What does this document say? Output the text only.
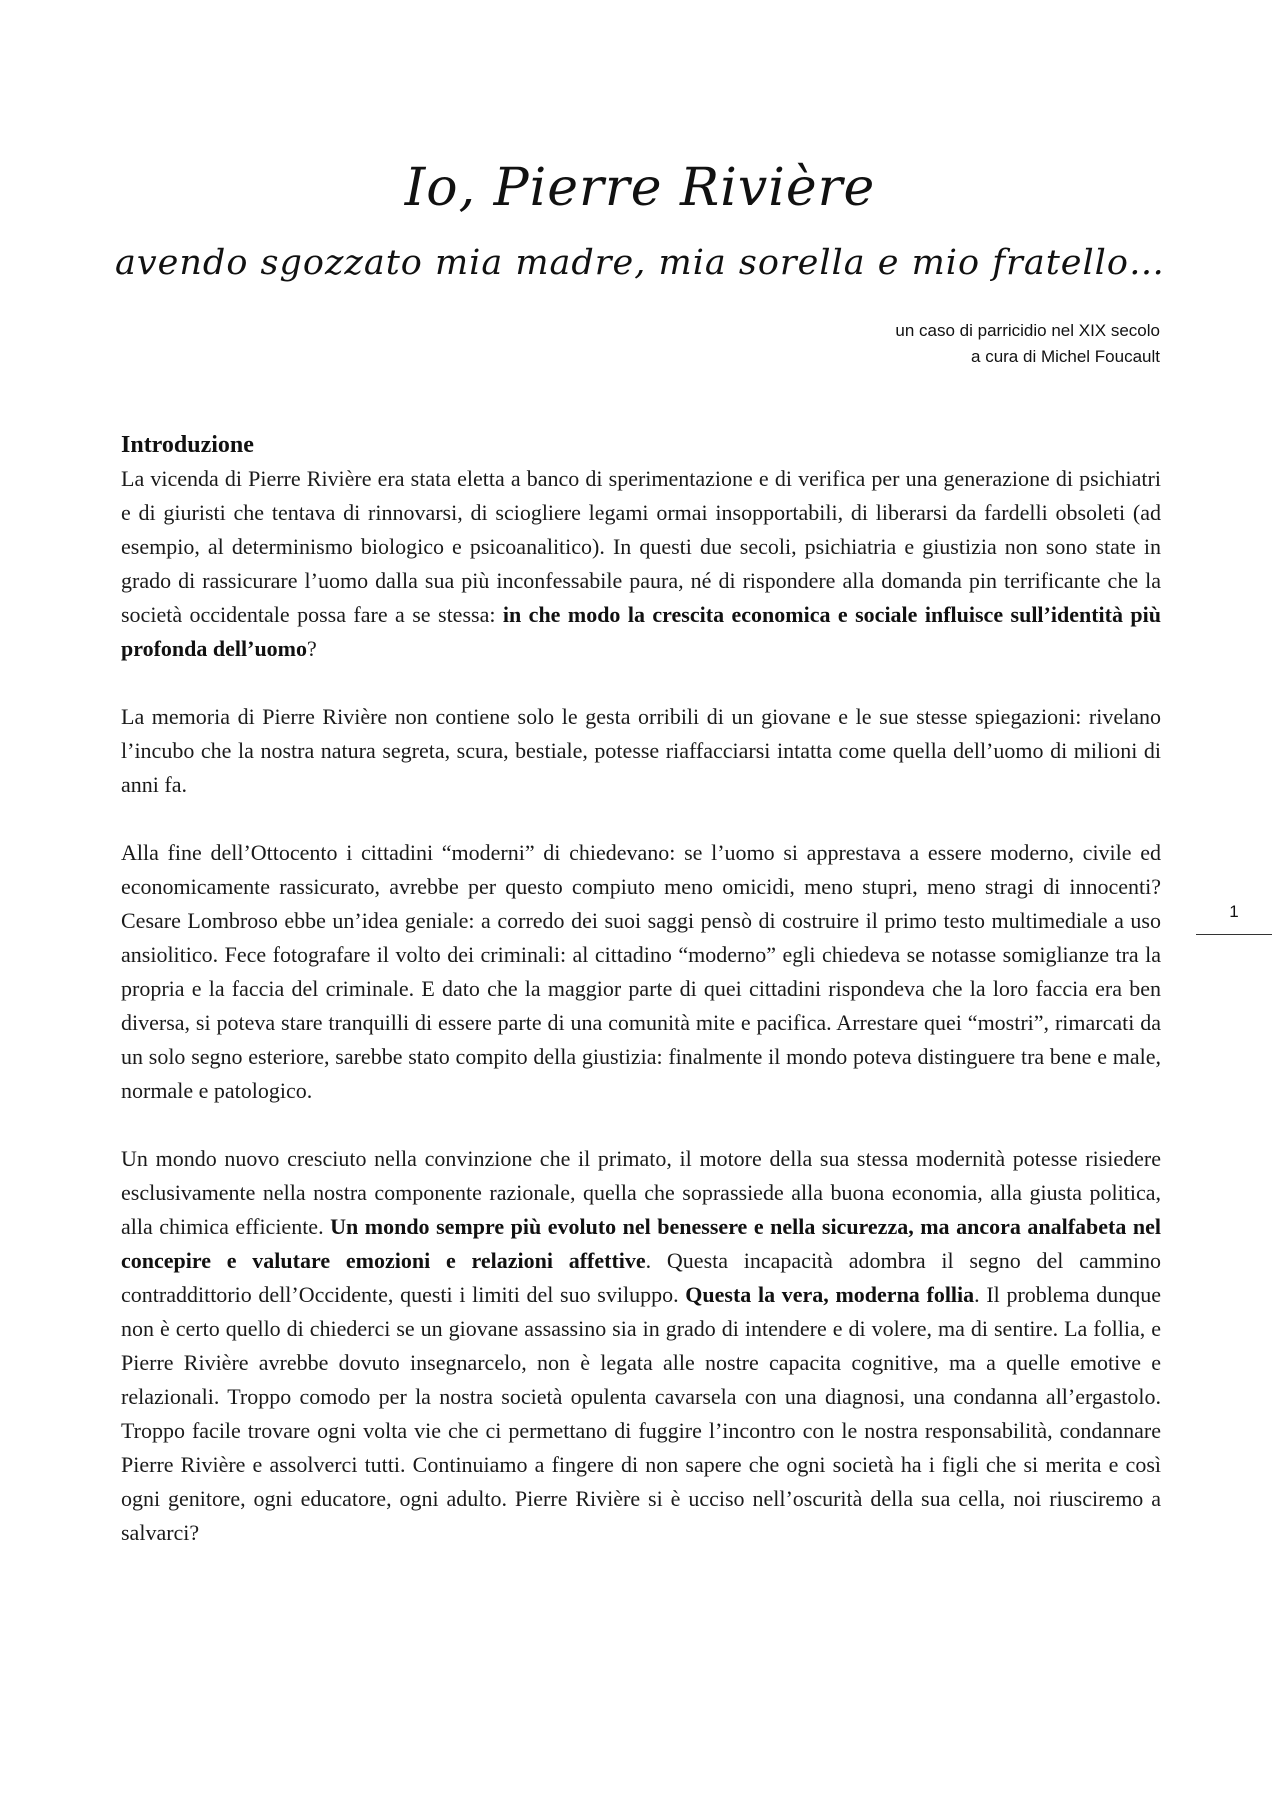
Io, Pierre Rivière
avendo sgozzato mia madre, mia sorella e mio fratello…
un caso di parricidio nel XIX secolo
a cura di Michel Foucault
Introduzione

La vicenda di Pierre Rivière era stata eletta a banco di sperimentazione e di verifica per una generazione di psichiatri e di giuristi che tentava di rinnovarsi, di sciogliere legami ormai insopportabili, di liberarsi da fardelli obsoleti (ad esempio, al determinismo biologico e psicoanalitico). In questi due secoli, psichiatria e giustizia non sono state in grado di rassicurare l’uomo dalla sua più inconfessabile paura, né di rispondere alla domanda pin terrificante che la società occidentale possa fare a se stessa: in che modo la crescita economica e sociale influisce sull’identità più profonda dell’uomo?

La memoria di Pierre Rivière non contiene solo le gesta orribili di un giovane e le sue stesse spiegazioni: rivelano l’incubo che la nostra natura segreta, scura, bestiale, potesse riaffacciarsi intatta come quella dell’uomo di milioni di anni fa.

Alla fine dell’Ottocento i cittadini “moderni” di chiedevano: se l’uomo si apprestava a essere moderno, civile ed economicamente rassicurato, avrebbe per questo compiuto meno omicidi, meno stupri, meno stragi di innocenti? Cesare Lombroso ebbe un’idea geniale: a corredo dei suoi saggi pensò di costruire il primo testo multimediale a uso ansiolitico. Fece fotografare il volto dei criminali: al cittadino “moderno” egli chiedeva se notasse somiglianze tra la propria e la faccia del criminale. E dato che la maggior parte di quei cittadini rispondeva che la loro faccia era ben diversa, si poteva stare tranquilli di essere parte di una comunità mite e pacifica. Arrestare quei “mostri”, rimarcati da un solo segno esteriore, sarebbe stato compito della giustizia: finalmente il mondo poteva distinguere tra bene e male, normale e patologico.

Un mondo nuovo cresciuto nella convinzione che il primato, il motore della sua stessa modernità potesse risiedere esclusivamente nella nostra componente razionale, quella che soprassiede alla buona economia, alla giusta politica, alla chimica efficiente. Un mondo sempre più evoluto nel benessere e nella sicurezza, ma ancora analfabeta nel concepire e valutare emozioni e relazioni affettive. Questa incapacità adombra il segno del cammino contraddittorio dell’Occidente, questi i limiti del suo sviluppo. Questa la vera, moderna follia. Il problema dunque non è certo quello di chiederci se un giovane assassino sia in grado di intendere e di volere, ma di sentire. La follia, e Pierre Rivière avrebbe dovuto insegnarcelo, non è legata alle nostre capacita cognitive, ma a quelle emotive e relazionali. Troppo comodo per la nostra società opulenta cavarsela con una diagnosi, una condanna all’ergastolo. Troppo facile trovare ogni volta vie che ci permettano di fuggire l’incontro con le nostra responsabilità, condannare Pierre Rivière e assolverci tutti. Continuiamo a fingere di non sapere che ogni società ha i figli che si merita e così ogni genitore, ogni educatore, ogni adulto. Pierre Rivière si è ucciso nell’oscurità della sua cella, noi riusciremo a salvarci?

1
